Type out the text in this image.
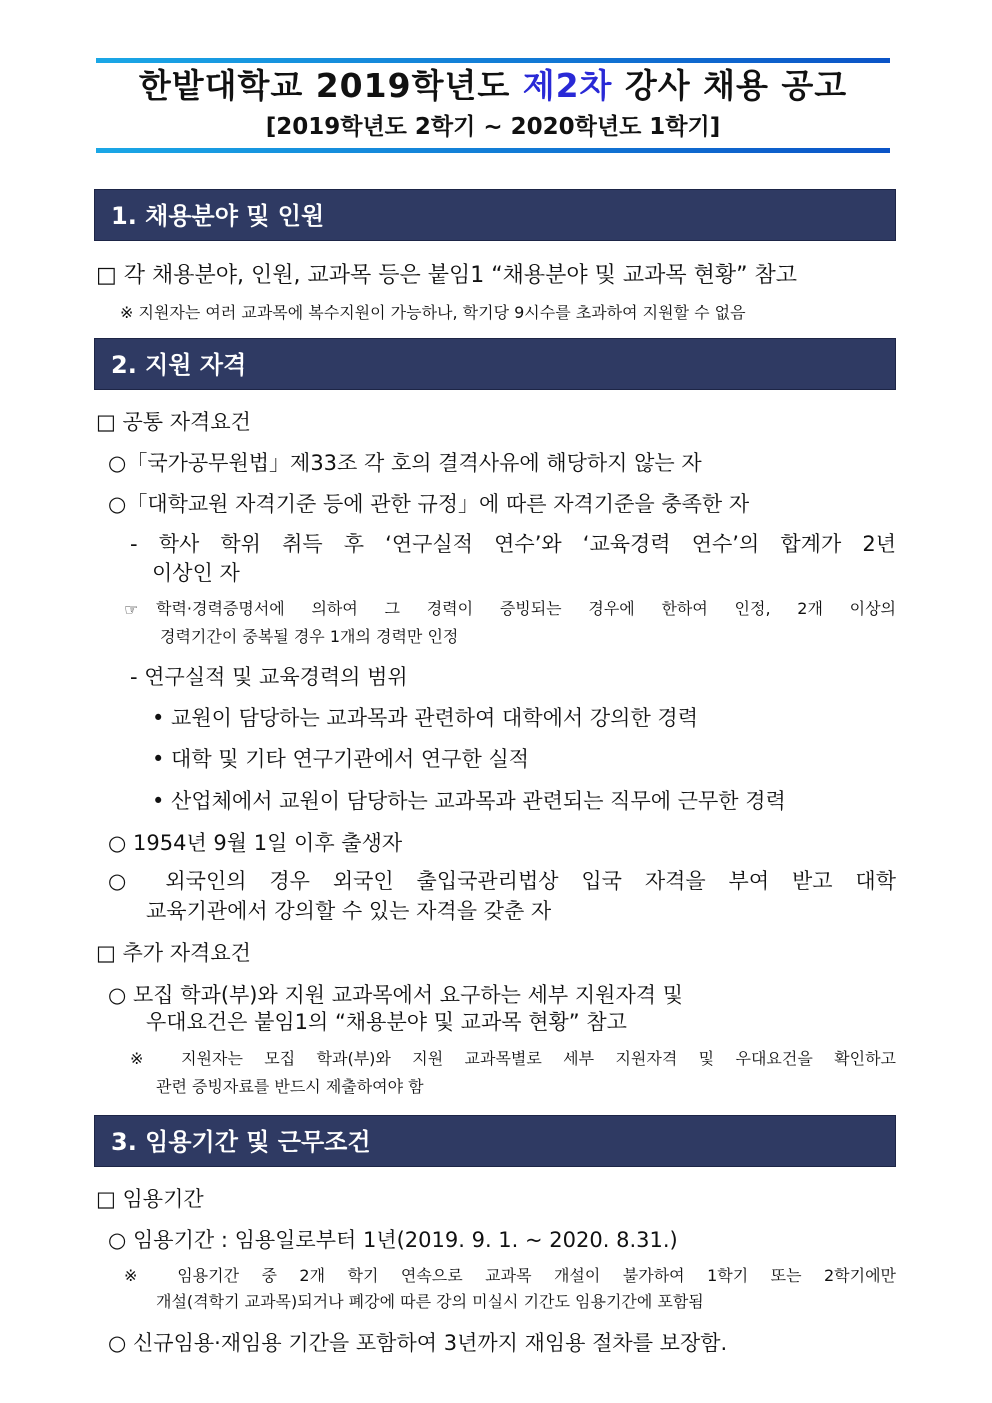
한밭대학교 2019학년도 제2차 강사 채용 공고
[2019학년도 2학기 ~ 2020학년도 1학기]
1. 채용분야 및 인원
□ 각 채용분야, 인원, 교과목 등은 붙임1 “채용분야 및 교과목 현황” 참고
※ 지원자는 여러 교과목에 복수지원이 가능하나, 학기당 9시수를 초과하여 지원할 수 없음
2. 지원 자격
□ 공통 자격요건
○「국가공무원법」제33조 각 호의 결격사유에 해당하지 않는 자
○「대학교원 자격기준 등에 관한 규정」에 따른 자격기준을 충족한 자
- 학사 학위 취득 후 ‘연구실적 연수’와 ‘교육경력 연수’의 합계가 2년
이상인 자
☞ 학력·경력증명서에 의하여 그 경력이 증빙되는 경우에 한하여 인정, 2개 이상의
경력기간이 중복될 경우 1개의 경력만 인정
- 연구실적 및 교육경력의 범위
• 교원이 담당하는 교과목과 관련하여 대학에서 강의한 경력
• 대학 및 기타 연구기관에서 연구한 실적
• 산업체에서 교원이 담당하는 교과목과 관련되는 직무에 근무한 경력
○ 1954년 9월 1일 이후 출생자
○ 외국인의 경우 외국인 출입국관리법상 입국 자격을 부여 받고 대학
교육기관에서 강의할 수 있는 자격을 갖춘 자
□ 추가 자격요건
○ 모집 학과(부)와 지원 교과목에서 요구하는 세부 지원자격 및
우대요건은 붙임1의 “채용분야 및 교과목 현황” 참고
※ 지원자는 모집 학과(부)와 지원 교과목별로 세부 지원자격 및 우대요건을 확인하고
관련 증빙자료를 반드시 제출하여야 함
3. 임용기간 및 근무조건
□ 임용기간
○ 임용기간 : 임용일로부터 1년(2019. 9. 1. ~ 2020. 8.31.)
※ 임용기간 중 2개 학기 연속으로 교과목 개설이 불가하여 1학기 또는 2학기에만
개설(격학기 교과목)되거나 폐강에 따른 강의 미실시 기간도 임용기간에 포함됨
○ 신규임용·재임용 기간을 포함하여 3년까지 재임용 절차를 보장함.
